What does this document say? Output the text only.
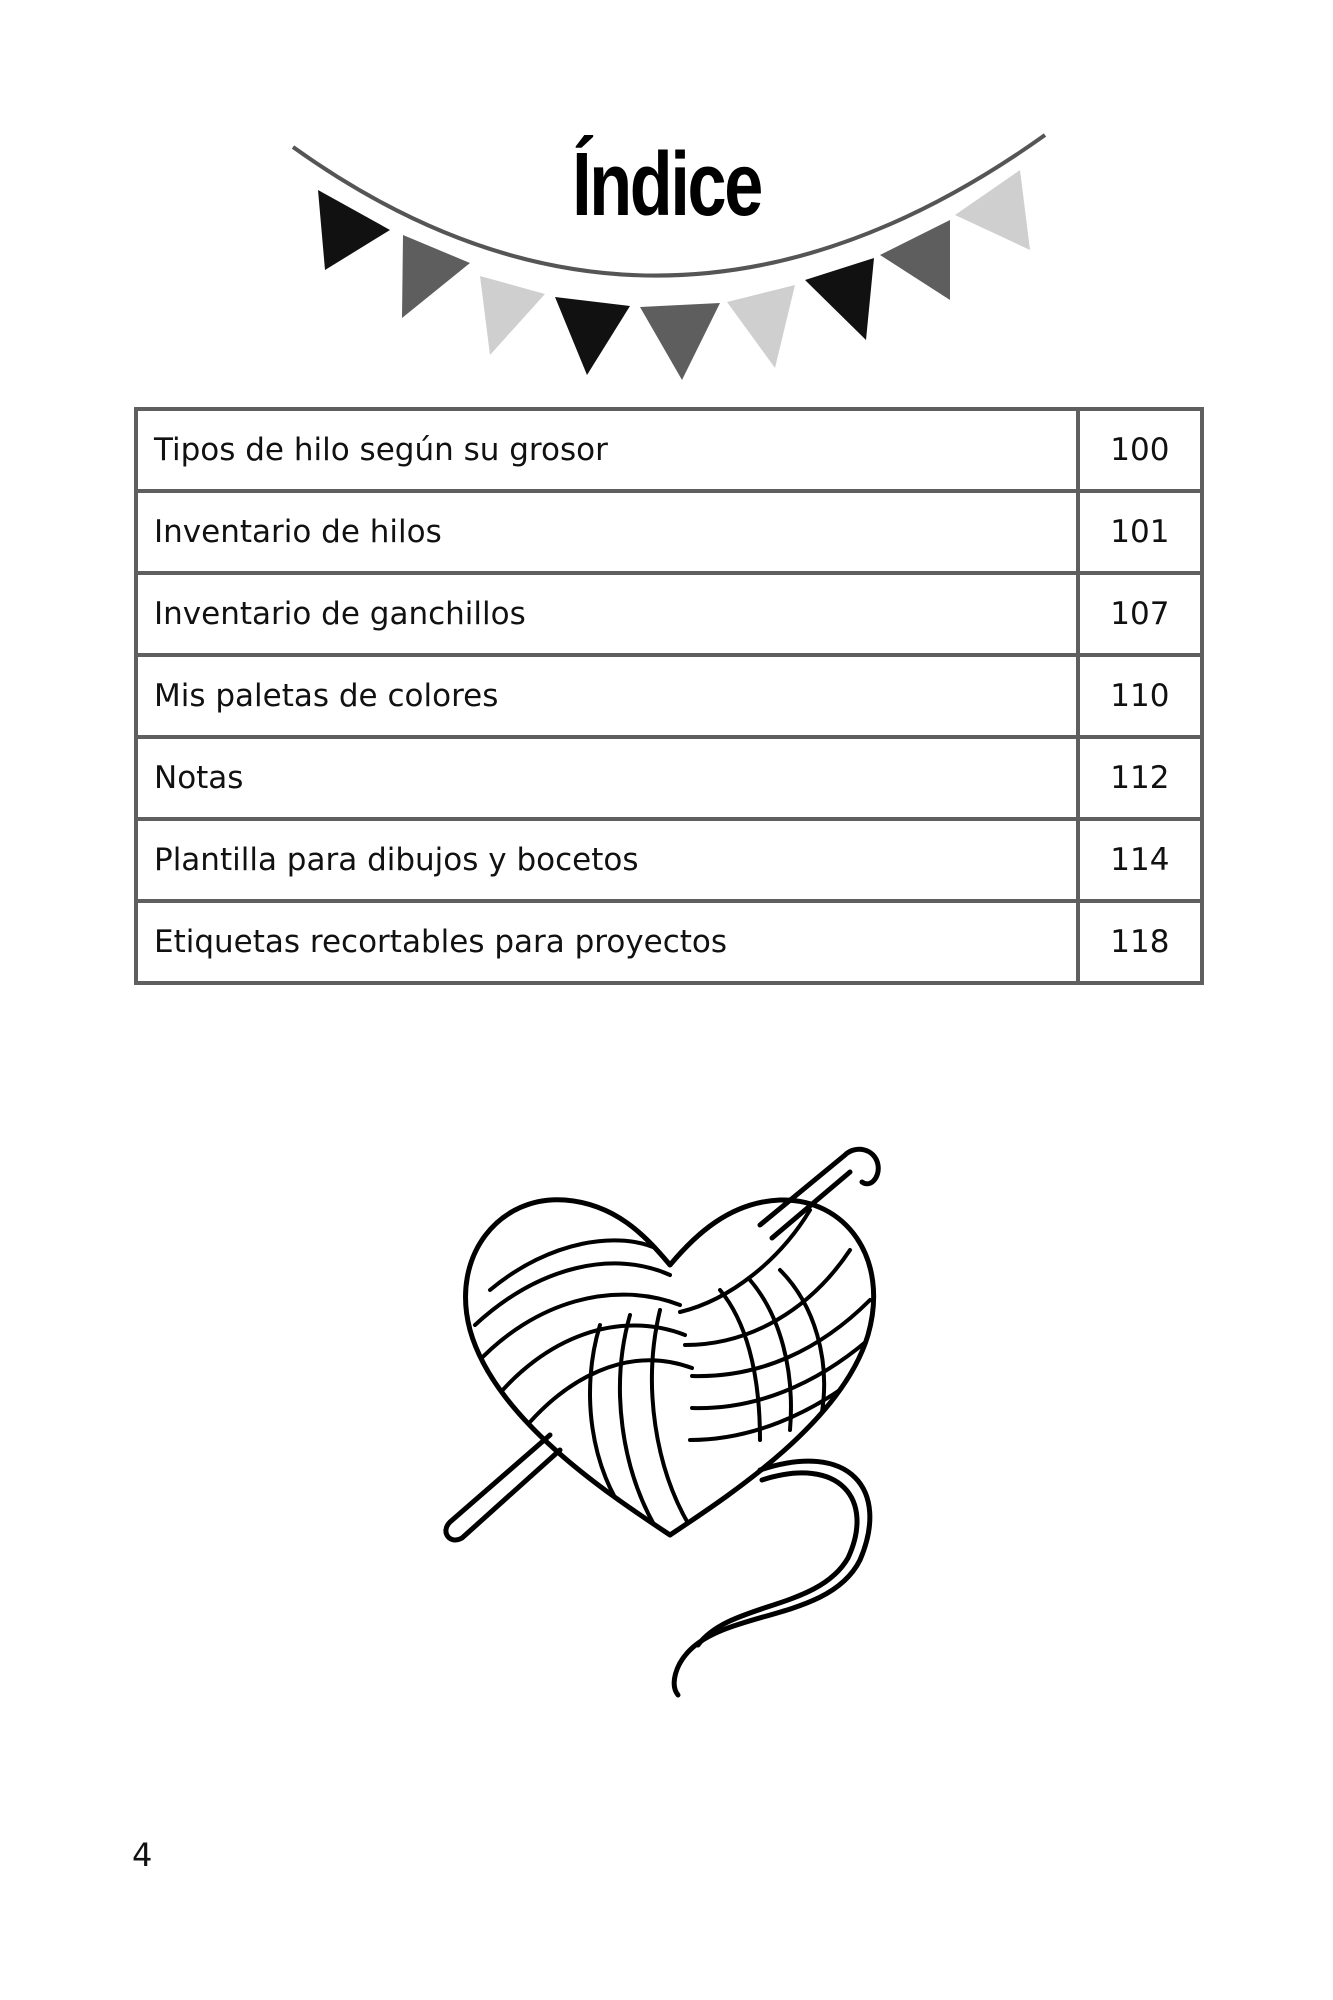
Índice
Tipos de hilo según su grosor	100
Inventario de hilos	101
Inventario de ganchillos	107
Mis paletas de colores	110
Notas	112
Plantilla para dibujos y bocetos	114
Etiquetas recortables para proyectos	118
4
